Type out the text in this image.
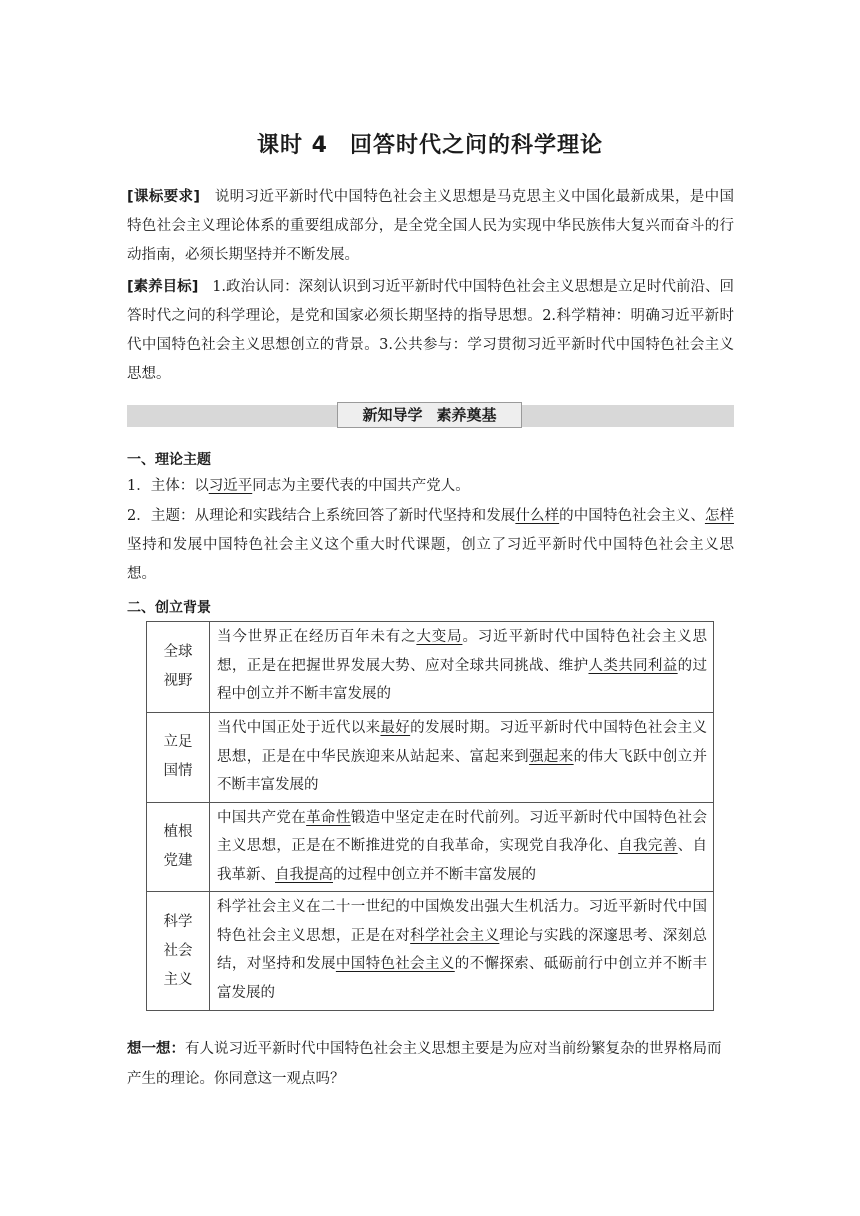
课时 4 回答时代之问的科学理论
[课标要求] 说明习近平新时代中国特色社会主义思想是马克思主义中国化最新成果，是中国特色社会主义理论体系的重要组成部分，是全党全国人民为实现中华民族伟大复兴而奋斗的行动指南，必须长期坚持并不断发展。
[素养目标] 1.政治认同：深刻认识到习近平新时代中国特色社会主义思想是立足时代前沿、回答时代之问的科学理论，是党和国家必须长期坚持的指导思想。2.科学精神：明确习近平新时代中国特色社会主义思想创立的背景。3.公共参与：学习贯彻习近平新时代中国特色社会主义思想。
新知导学 素养奠基
一、理论主题
1．主体：以习近平同志为主要代表的中国共产党人。
2．主题：从理论和实践结合上系统回答了新时代坚持和发展什么样的中国特色社会主义、怎样坚持和发展中国特色社会主义这个重大时代课题，创立了习近平新时代中国特色社会主义思想。
二、创立背景
全球
视野	当今世界正在经历百年未有之大变局。习近平新时代中国特色社会主义思想，正是在把握世界发展大势、应对全球共同挑战、维护人类共同利益的过程中创立并不断丰富发展的
立足
国情	当代中国正处于近代以来最好的发展时期。习近平新时代中国特色社会主义思想，正是在中华民族迎来从站起来、富起来到强起来的伟大飞跃中创立并不断丰富发展的
植根
党建	中国共产党在革命性锻造中坚定走在时代前列。习近平新时代中国特色社会主义思想，正是在不断推进党的自我革命，实现党自我净化、自我完善、自我革新、自我提高的过程中创立并不断丰富发展的
科学
社会
主义	科学社会主义在二十一世纪的中国焕发出强大生机活力。习近平新时代中国特色社会主义思想，正是在对科学社会主义理论与实践的深邃思考、深刻总结，对坚持和发展中国特色社会主义的不懈探索、砥砺前行中创立并不断丰富发展的
想一想：有人说习近平新时代中国特色社会主义思想主要是为应对当前纷繁复杂的世界格局而产生的理论。你同意这一观点吗？
